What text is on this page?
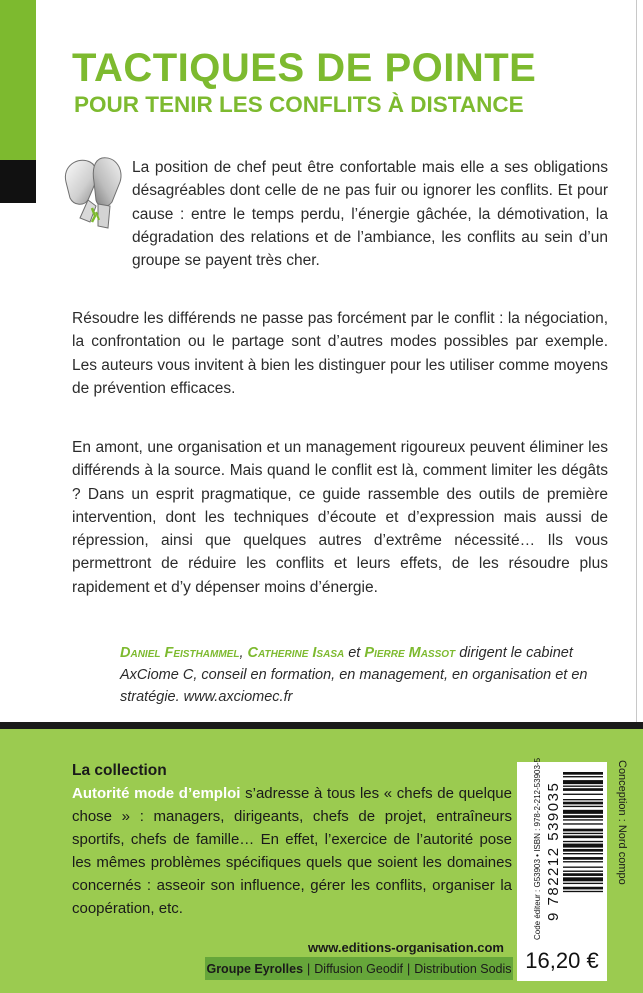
TACTIQUES DE POINTE
POUR TENIR LES CONFLITS À DISTANCE

La position de chef peut être confortable mais elle a ses obligations désagréables dont celle de ne pas fuir ou ignorer les conflits. Et pour cause : entre le temps perdu, l’énergie gâchée, la démotivation, la dégradation des relations et de l’ambiance, les conflits au sein d’un groupe se payent très cher.

Résoudre les différends ne passe pas forcément par le conflit : la négociation, la confrontation ou le partage sont d’autres modes possibles par exemple. Les auteurs vous invitent à bien les distinguer pour les utiliser comme moyens de prévention efficaces.

En amont, une organisation et un management rigoureux peuvent éliminer les différends à la source. Mais quand le conflit est là, comment limiter les dégâts ? Dans un esprit pragmatique, ce guide rassemble des outils de première intervention, dont les techniques d’écoute et d’expression mais aussi de répression, ainsi que quelques autres d’extrême nécessité… Ils vous permettront de réduire les conflits et leurs effets, de les résoudre plus rapidement et d’y dépenser moins d’énergie.

Daniel Feisthammel, Catherine Isasa et Pierre Massot dirigent le cabinet AxCiome C, conseil en formation, en management, en organisation et en stratégie. www.axciomec.fr

La collection

Autorité mode d’emploi s’adresse à tous les « chefs de quelque chose » : managers, dirigeants, chefs de projet, entraîneurs sportifs, chefs de famille… En effet, l’exercice de l’autorité pose les mêmes problèmes spécifiques quels que soient les domaines concernés : asseoir son influence, gérer les conflits, organiser la coopération, etc.	Code éditeur : G53903 • ISBN : 978-2-212-53903-5 9 782212 539035
16,20 €
Conception : Nord compo

www.editions-organisation.com

Groupe Eyrolles | Diffusion Geodif | Distribution Sodis
